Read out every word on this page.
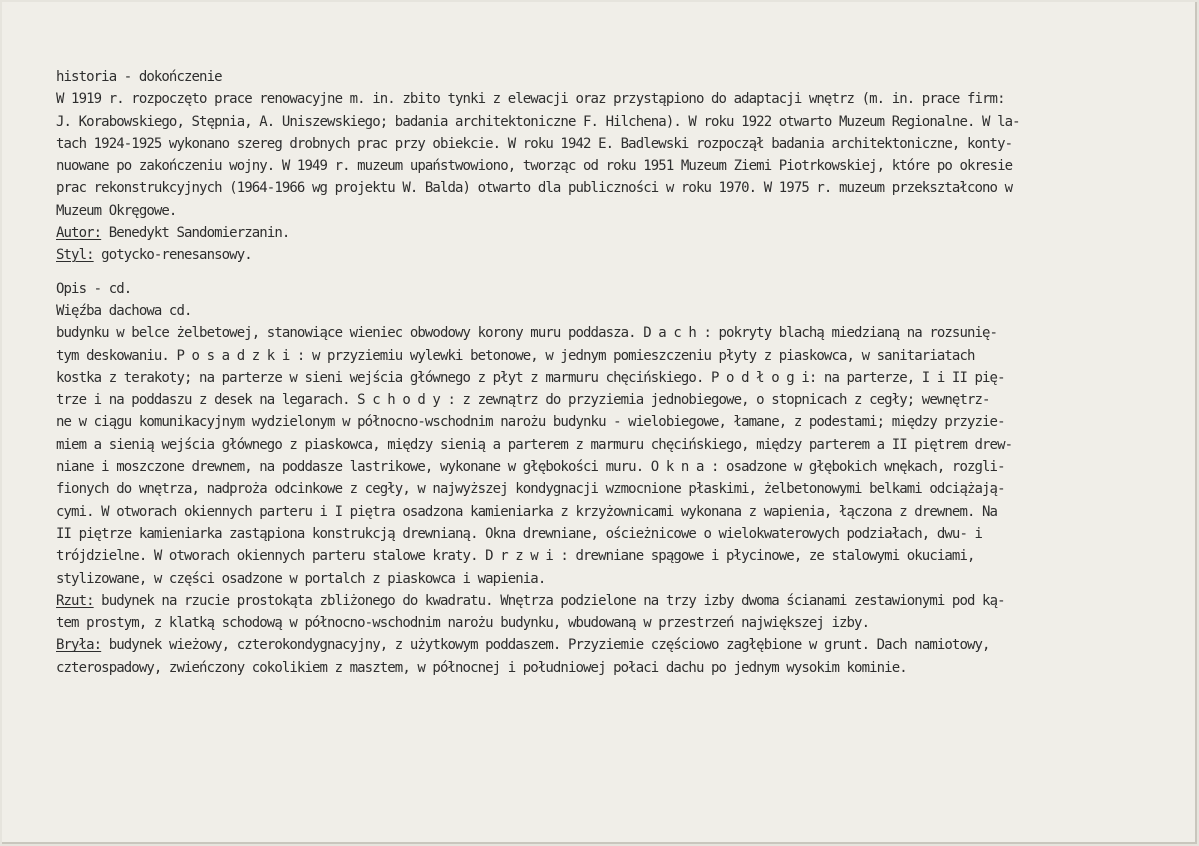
historia - dokończenie
W 1919 r. rozpoczęto prace renowacyjne m. in. zbito tynki z elewacji oraz przystąpiono do adaptacji wnętrz (m. in. prace firm:
J. Korabowskiego, Stępnia, A. Uniszewskiego; badania architektoniczne F. Hilchena). W roku 1922 otwarto Muzeum Regionalne. W la-
tach 1924-1925 wykonano szereg drobnych prac przy obiekcie. W roku 1942 E. Badlewski rozpoczął badania architektoniczne, konty-
nuowane po zakończeniu wojny. W 1949 r. muzeum upaństwowiono, tworząc od roku 1951 Muzeum Ziemi Piotrkowskiej, które po okresie
prac rekonstrukcyjnych (1964-1966 wg projektu W. Balda) otwarto dla publiczności w roku 1970. W 1975 r. muzeum przekształcono w
Muzeum Okręgowe.
Autor: Benedykt Sandomierzanin.
Styl: gotycko-renesansowy.
Opis - cd.
Więźba dachowa cd.
budynku w belce żelbetowej, stanowiące wieniec obwodowy korony muru poddasza. D a c h : pokryty blachą miedzianą na rozsunię-
tym deskowaniu. P o s a d z k i : w przyziemiu wylewki betonowe, w jednym pomieszczeniu płyty z piaskowca, w sanitariatach
kostka z terakoty; na parterze w sieni wejścia głównego z płyt z marmuru chęcińskiego. P o d ł o g i: na parterze, I i II pię-
trze i na poddaszu z desek na legarach. S c h o d y : z zewnątrz do przyziemia jednobiegowe, o stopnicach z cegły; wewnętrz-
ne w ciągu komunikacyjnym wydzielonym w północno-wschodnim narożu budynku - wielobiegowe, łamane, z podestami; między przyzie-
miem a sienią wejścia głównego z piaskowca, między sienią a parterem z marmuru chęcińskiego, między parterem a II piętrem drew-
niane i moszczone drewnem, na poddasze lastrikowe, wykonane w głębokości muru. O k n a : osadzone w głębokich wnękach, rozgli-
fionych do wnętrza, nadproża odcinkowe z cegły, w najwyższej kondygnacji wzmocnione płaskimi, żelbetonowymi belkami odciążają-
cymi. W otworach okiennych parteru i I piętra osadzona kamieniarka z krzyżownicami wykonana z wapienia, łączona z drewnem. Na
II piętrze kamieniarka zastąpiona konstrukcją drewnianą. Okna drewniane, ościeżnicowe o wielokwaterowych podziałach, dwu- i
trójdzielne. W otworach okiennych parteru stalowe kraty. D r z w i : drewniane spągowe i płycinowe, ze stalowymi okuciami,
stylizowane, w części osadzone w portalch z piaskowca i wapienia.
Rzut: budynek na rzucie prostokąta zbliżonego do kwadratu. Wnętrza podzielone na trzy izby dwoma ścianami zestawionymi pod ką-
tem prostym, z klatką schodową w północno-wschodnim narożu budynku, wbudowaną w przestrzeń największej izby.
Bryła: budynek wieżowy, czterokondygnacyjny, z użytkowym poddaszem. Przyziemie częściowo zagłębione w grunt. Dach namiotowy,
czterospadowy, zwieńczony cokolikiem z masztem, w północnej i południowej połaci dachu po jednym wysokim kominie.
